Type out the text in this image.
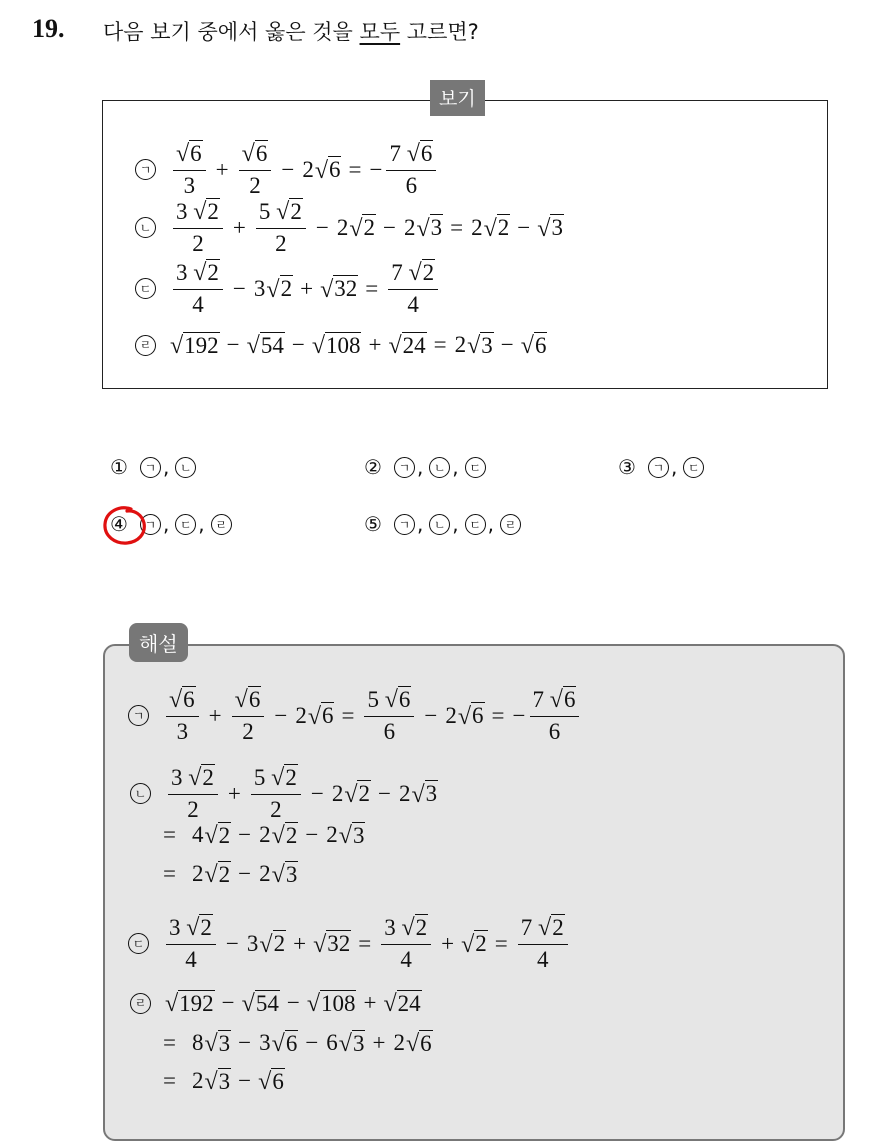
19. 다음 보기 중에서 옳은 것을 모두 고르면?
보기
ㄱ $\frac{√ 6}{3} + \frac{√ 6}{2} - 2$ √ 6 = − $\frac{7 √ 6}{6}$
ㄴ $\frac{3 √ 2}{2} + \frac{5 √ 2}{2} - 2$ √ 2 − 2 √ 3 = 2 √ 2 − √ 3
ㄷ $\frac{3 √ 2}{4} - 3$ √ 2 + √ $32 = \frac{7 √ 2}{4}$
ㄹ √ 192 − √ 54 − √ 108 + √ 24 = 2 √ 3 − √ 6
①	ㄱ , ㄴ	②	ㄱ , ㄴ , ㄷ	③	ㄱ , ㄷ
④	ㄱ , ㄷ , ㄹ	⑤	ㄱ , ㄴ , ㄷ , ㄹ
해설
ㄱ $\frac{√ 6}{3} + \frac{√ 6}{2} - 2$ √ $6 = \frac{5 √ 6}{6} - 2$ √ 6 = − $\frac{7 √ 6}{6}$
ㄴ $\frac{3 √ 2}{2} + \frac{5 √ 2}{2} - 2$ √ 2 − 2 √ 3
= 4 √ 2 − 2 √ 2 − 2 √ 3
= 2 √ 2 − 2 √ 3
ㄷ $\frac{3 √ 2}{4} - 3$ √ 2 + √ $32 = \frac{3 √ 2}{4}$ + √ $2 = \frac{7 √ 2}{4}$
ㄹ √ 192 − √ 54 − √ 108 + √ 24
= 8 √ 3 − 3 √ 6 − 6 √ 3 + 2 √ 6
= 2 √ 3 − √ 6
